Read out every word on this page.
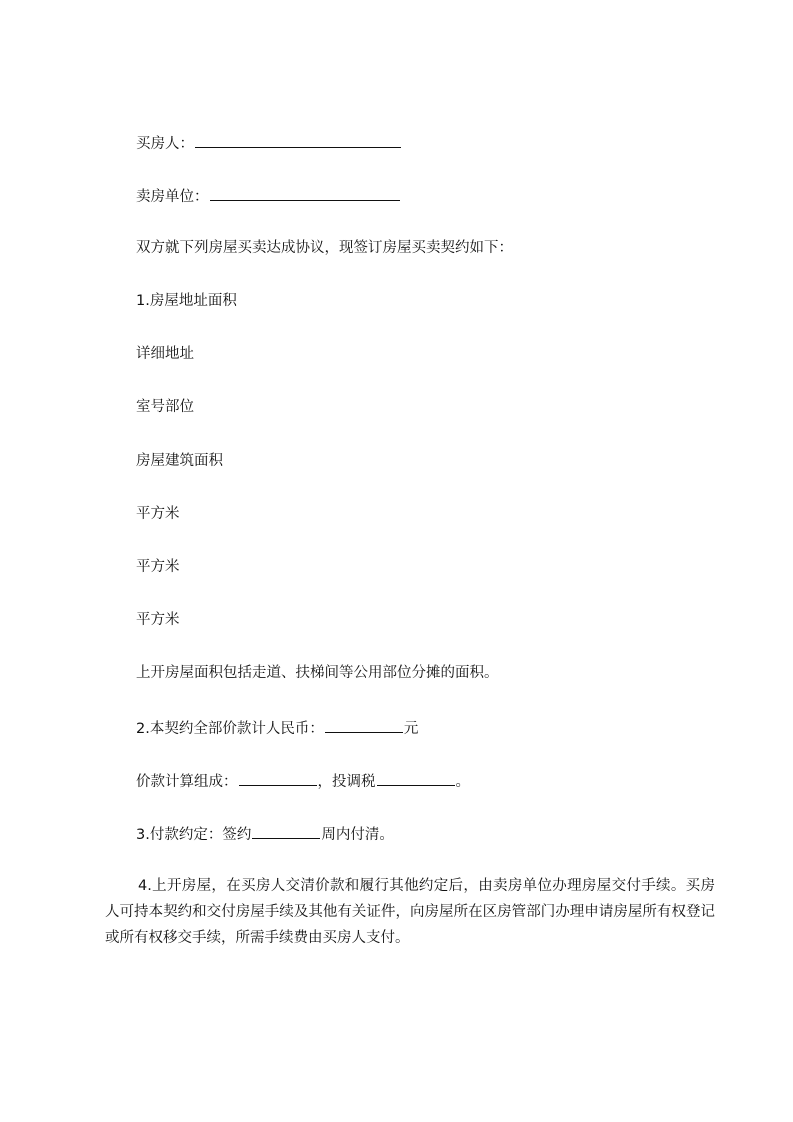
买房人：
卖房单位：
双方就下列房屋买卖达成协议，现签订房屋买卖契约如下：
1.房屋地址面积
详细地址
室号部位
房屋建筑面积
平方米
平方米
平方米
上开房屋面积包括走道、扶梯间等公用部位分摊的面积。
2.本契约全部价款计人民币：	元
价款计算组成：	，投调税	。
3.付款约定：签约	周内付清。
4.上开房屋，在买房人交清价款和履行其他约定后，由卖房单位办理房屋交付手续。买房人可持本契约和交付房屋手续及其他有关证件，向房屋所在区房管部门办理申请房屋所有权登记或所有权移交手续，所需手续费由买房人支付。
